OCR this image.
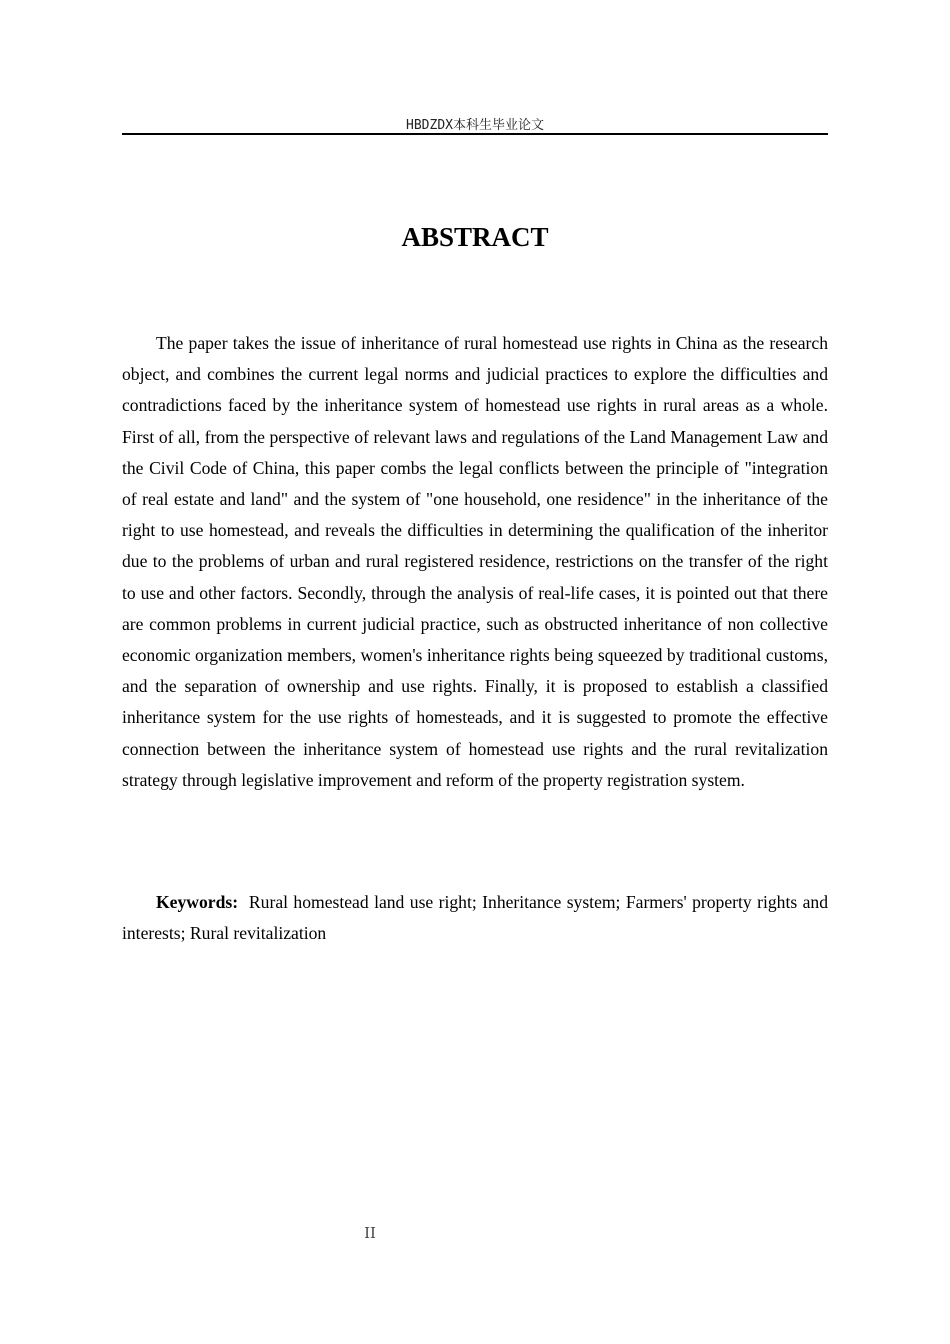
HBDZDX本科生毕业论文
ABSTRACT

The paper takes the issue of inheritance of rural homestead use rights in China as the research object, and combines the current legal norms and judicial practices to explore the difficulties and contradictions faced by the inheritance system of homestead use rights in rural areas as a whole. First of all, from the perspective of relevant laws and regulations of the Land Management Law and the Civil Code of China, this paper combs the legal conflicts between the principle of "integration of real estate and land" and the system of "one household, one residence" in the inheritance of the right to use homestead, and reveals the difficulties in determining the qualification of the inheritor due to the problems of urban and rural registered residence, restrictions on the transfer of the right to use and other factors. Secondly, through the analysis of real-life cases, it is pointed out that there are common problems in current judicial practice, such as obstructed inheritance of non collective economic organization members, women's inheritance rights being squeezed by traditional customs, and the separation of ownership and use rights. Finally, it is proposed to establish a classified inheritance system for the use rights of homesteads, and it is suggested to promote the effective connection between the inheritance system of homestead use rights and the rural revitalization strategy through legislative improvement and reform of the property registration system.

Keywords: Rural homestead land use right; Inheritance system; Farmers' property rights and interests; Rural revitalization

II
